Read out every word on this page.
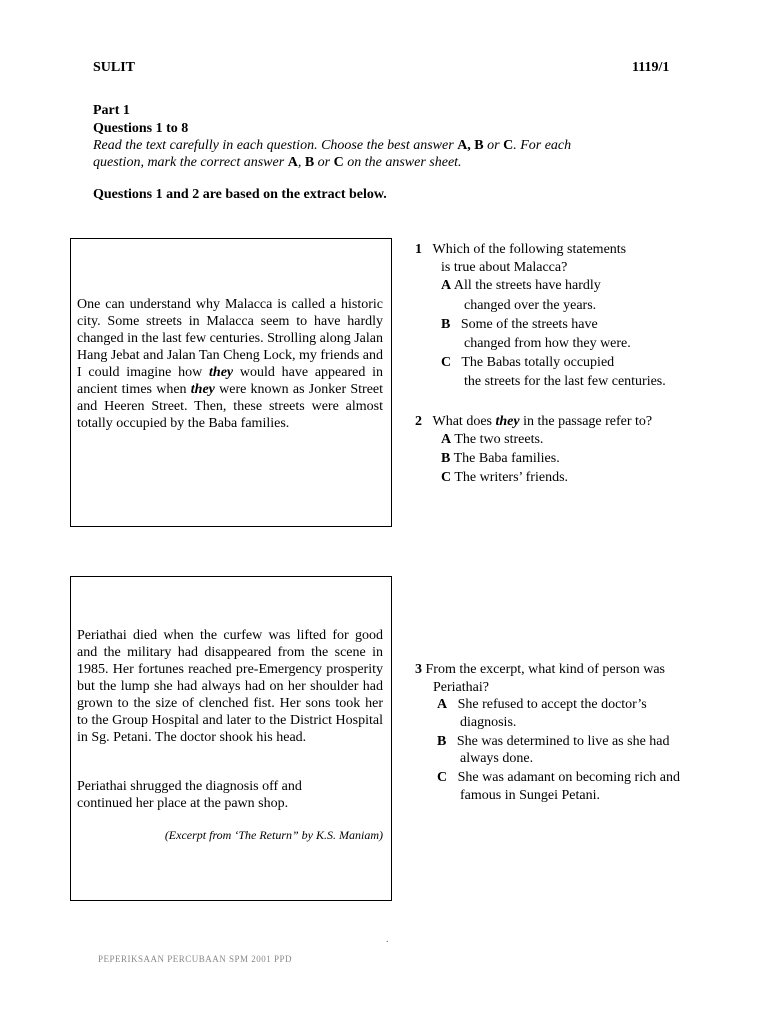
SULIT	1119/1
Part 1
Questions 1 to 8
Read the text carefully in each question. Choose the best answer A, B or C. For each
question, mark the correct answer A, B or C on the answer sheet.
Questions 1 and 2 are based on the extract below.
One can understand why Malacca is called a historic city. Some streets in Malacca seem to have hardly changed in the last few centuries. Strolling along Jalan Hang Jebat and Jalan Tan Cheng Lock, my friends and I could imagine how they would have appeared in ancient times when they were known as Jonker Street and Heeren Street. Then, these streets were almost totally occupied by the Baba families.
1 Which of the following statements
is true about Malacca?
A All the streets have hardly
changed over the years.
B Some of the streets have
changed from how they were.
C The Babas totally occupied
the streets for the last few centuries.
2 What does they in the passage refer to?
A The two streets.
B The Baba families.
C The writers’ friends.
Periathai died when the curfew was lifted for good and the military had disappeared from the scene in 1985. Her fortunes reached pre-Emergency prosperity but the lump she had always had on her shoulder had grown to the size of clenched fist. Her sons took her to the Group Hospital and later to the District Hospital in Sg. Petani. The doctor shook his head.
Periathai shrugged the diagnosis off and
continued her place at the pawn shop.
(Excerpt from ‘The Return” by K.S. Maniam)
3 From the excerpt, what kind of person was
Periathai?
A She refused to accept the doctor’s
diagnosis.
B She was determined to live as she had
always done.
C She was adamant on becoming rich and
famous in Sungei Petani.
.
PEPERIKSAAN PERCUBAAN SPM 2001 PPD
